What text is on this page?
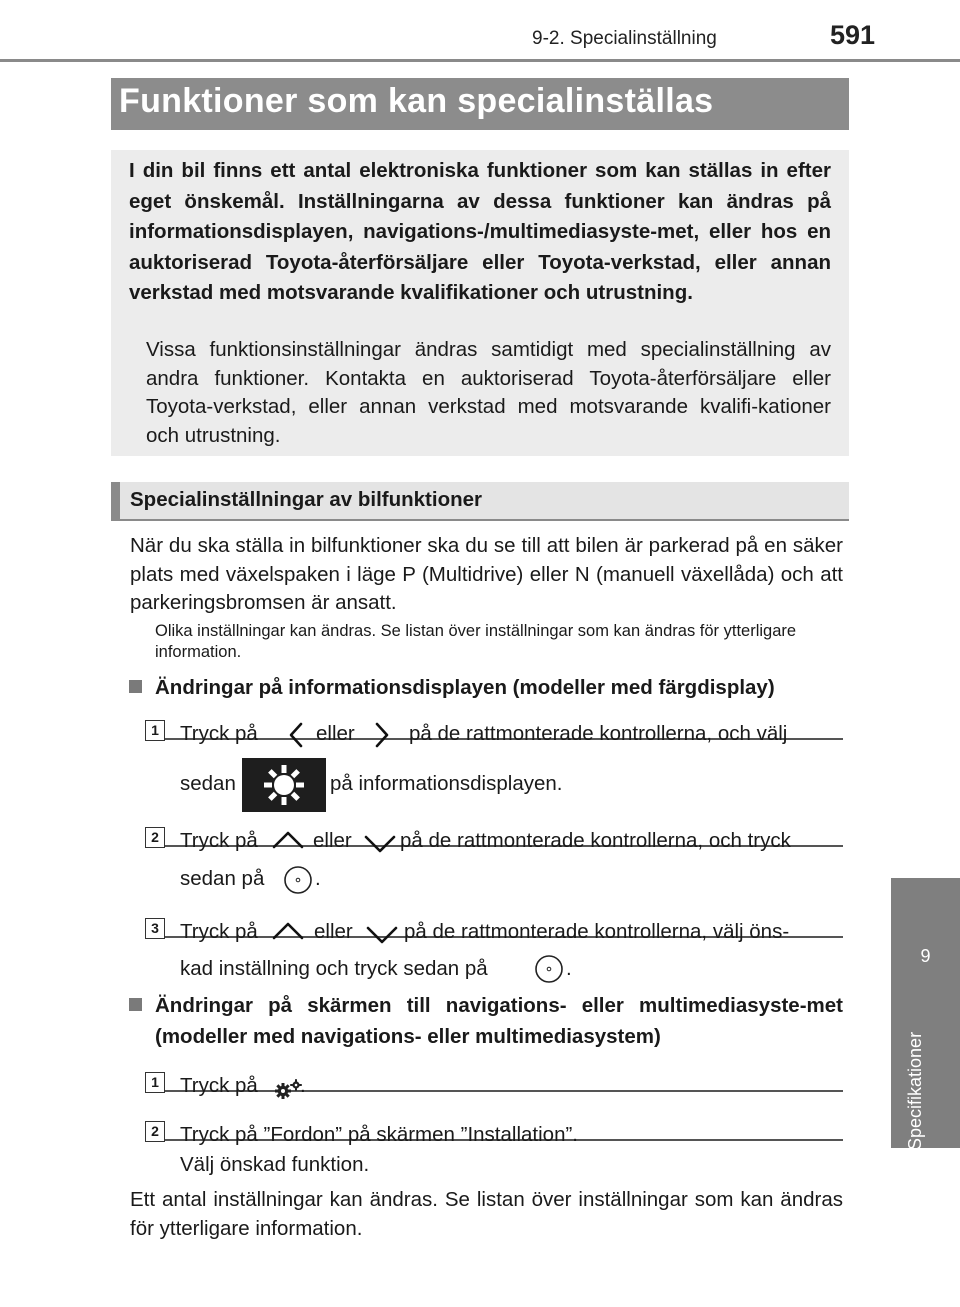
9-2. Specialinställning	591
9
Specifikationer
Funktioner som kan specialinställas
I din bil finns ett antal elektroniska funktioner som kan ställas in efter eget önskemål. Inställningarna av dessa funktioner kan ändras på informationsdisplayen, navigations-/multimediasyste-met, eller hos en auktoriserad Toyota-återförsäljare eller Toyota-verkstad, eller annan verkstad med motsvarande kvalifikationer och utrustning.
Vissa funktionsinställningar ändras samtidigt med specialinställning av andra funktioner. Kontakta en auktoriserad Toyota-återförsäljare eller Toyota-verkstad, eller annan verkstad med motsvarande kvalifi-kationer och utrustning.
Specialinställningar av bilfunktioner
När du ska ställa in bilfunktioner ska du se till att bilen är parkerad på en säker plats med växelspaken i läge P (Multidrive) eller N (manuell växellåda) och att parkeringsbromsen är ansatt.
Olika inställningar kan ändras. Se listan över inställningar som kan ändras för ytterligare information.
Ändringar på informationsdisplayen (modeller med färgdisplay)
1 Tryck på	eller	på de rattmonterade kontrollerna, och välj
sedan	på informationsdisplayen.
2 Tryck på	eller på de rattmonterade kontrollerna, och tryck
sedan på .
3 Tryck på	eller	på de rattmonterade kontrollerna, välj öns-
kad inställning och tryck sedan på	.
Ändringar på skärmen till navigations- eller multimediasyste-met (modeller med navigations- eller multimediasystem)
1 Tryck på .
2 Tryck på ”Fordon” på skärmen ”Installation”.
Välj önskad funktion.
Ett antal inställningar kan ändras. Se listan över inställningar som kan ändras för ytterligare information.
